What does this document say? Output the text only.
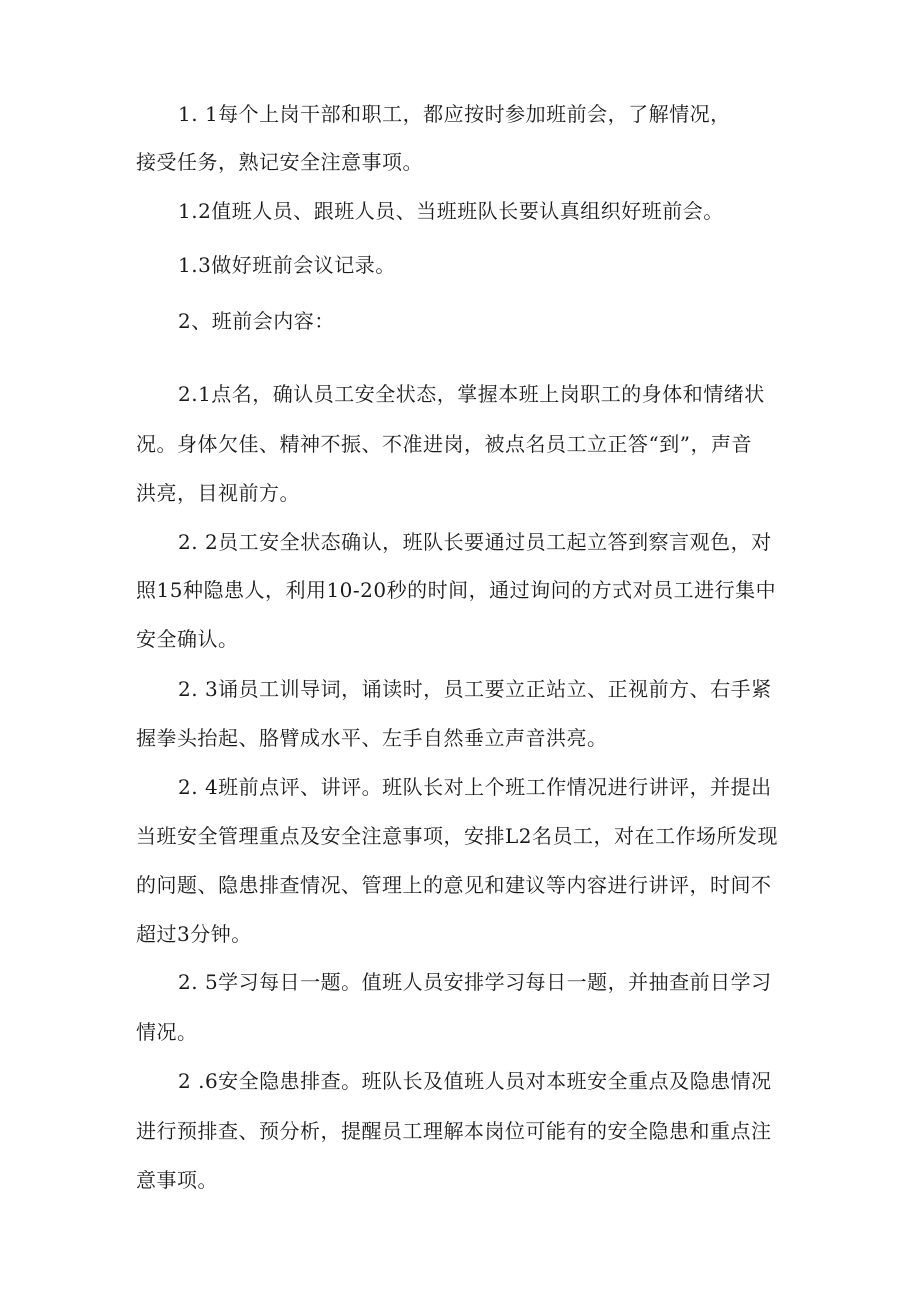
1. 1每个上岗干部和职工，都应按时参加班前会，了解情况，
接受任务，熟记安全注意事项。
1.2值班人员、跟班人员、当班班队长要认真组织好班前会。
1.3做好班前会议记录。
2、班前会内容：
2.1点名，确认员工安全状态，掌握本班上岗职工的身体和情绪状
况。身体欠佳、精神不振、不准进岗，被点名员工立正答“到”，声音
洪亮，目视前方。
2. 2员工安全状态确认，班队长要通过员工起立答到察言观色，对
照15种隐患人，利用10-20秒的时间，通过询问的方式对员工进行集中
安全确认。
2. 3诵员工训导词，诵读时，员工要立正站立、正视前方、右手紧
握拳头抬起、胳臂成水平、左手自然垂立声音洪亮。
2. 4班前点评、讲评。班队长对上个班工作情况进行讲评，并提出
当班安全管理重点及安全注意事项，安排L2名员工，对在工作场所发现
的问题、隐患排查情况、管理上的意见和建议等内容进行讲评，时间不
超过3分钟。
2. 5学习每日一题。值班人员安排学习每日一题，并抽查前日学习
情况。
2 .6安全隐患排查。班队长及值班人员对本班安全重点及隐患情况
进行预排查、预分析，提醒员工理解本岗位可能有的安全隐患和重点注
意事项。
